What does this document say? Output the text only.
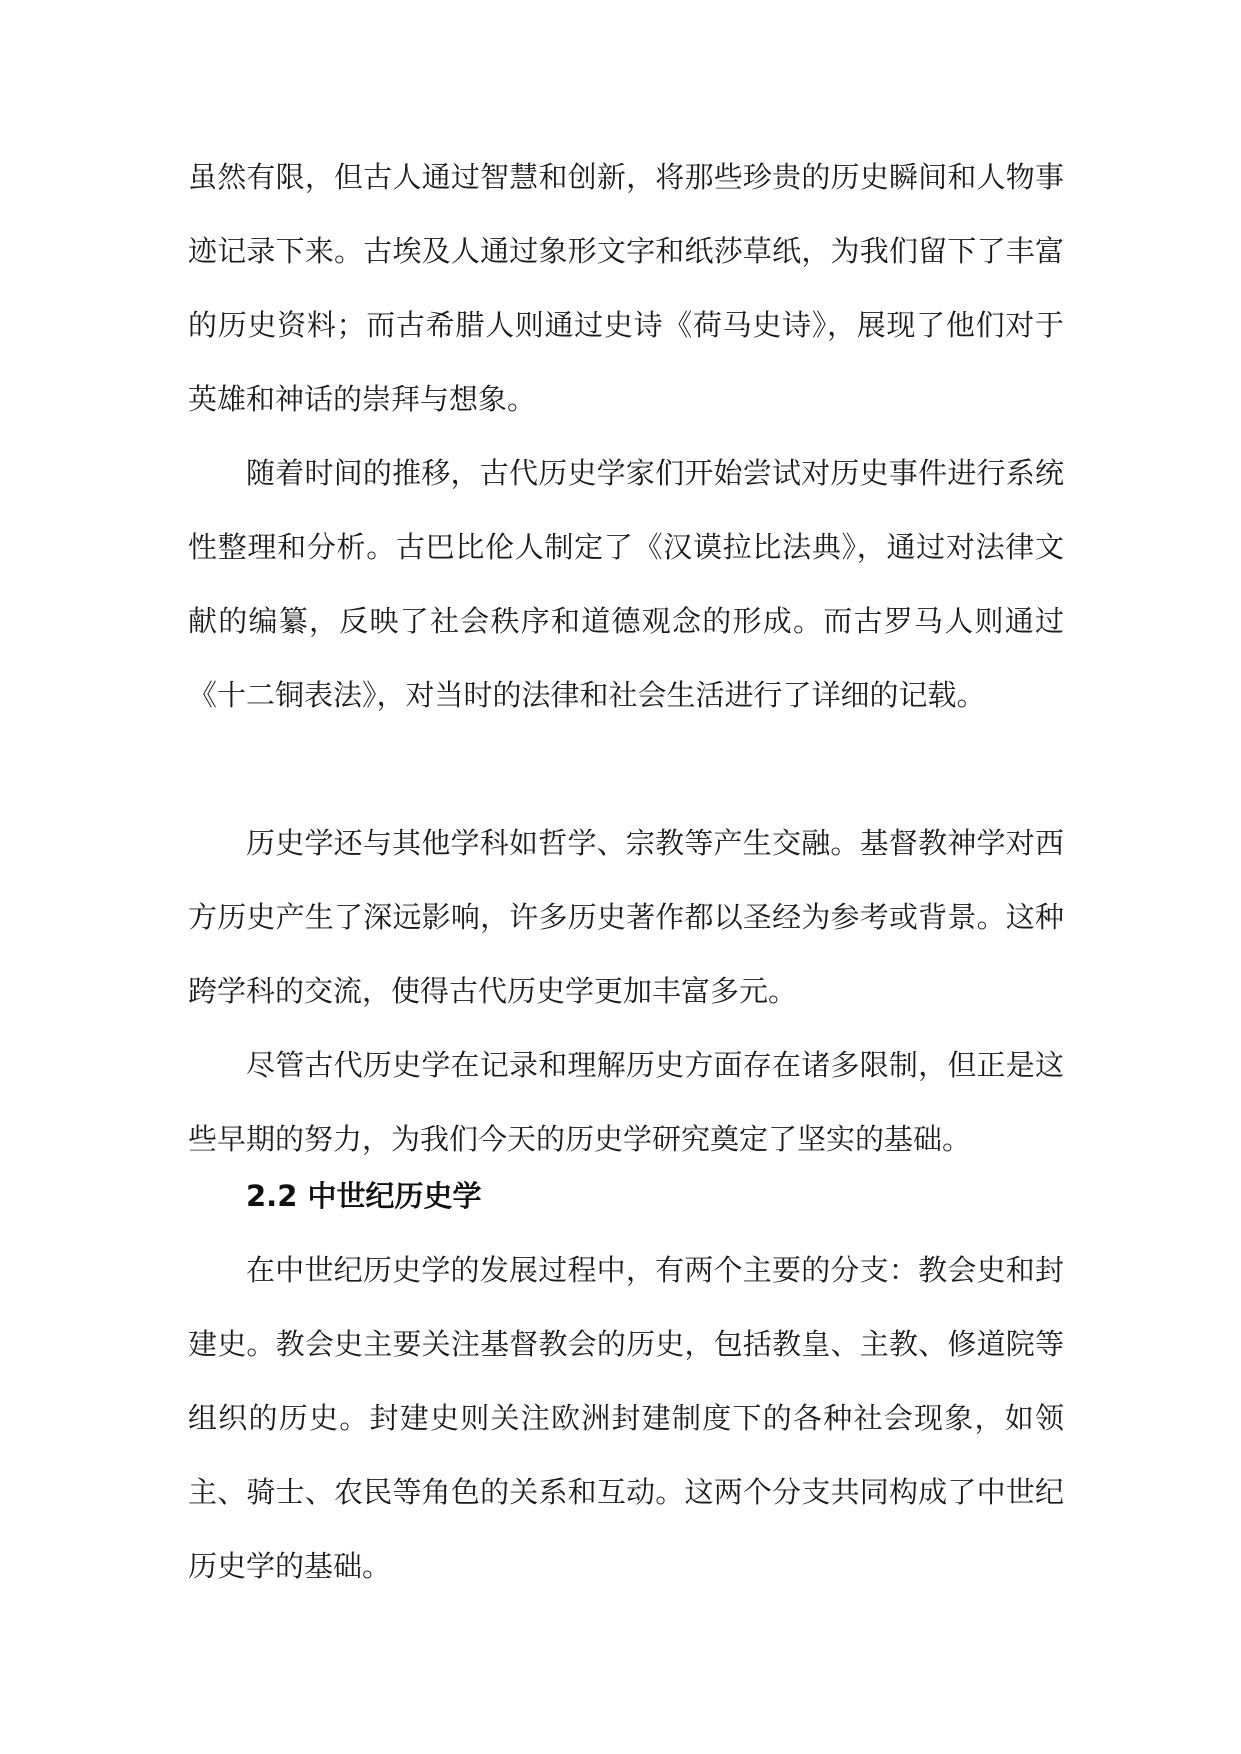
虽然有限，但古人通过智慧和创新，将那些珍贵的历史瞬间和人物事迹记录下来。古埃及人通过象形文字和纸莎草纸，为我们留下了丰富的历史资料；而古希腊人则通过史诗《荷马史诗》，展现了他们对于英雄和神话的崇拜与想象。

随着时间的推移，古代历史学家们开始尝试对历史事件进行系统性整理和分析。古巴比伦人制定了《汉谟拉比法典》，通过对法律文献的编纂，反映了社会秩序和道德观念的形成。而古罗马人则通过《十二铜表法》，对当时的法律和社会生活进行了详细的记载。

历史学还与其他学科如哲学、宗教等产生交融。基督教神学对西方历史产生了深远影响，许多历史著作都以圣经为参考或背景。这种跨学科的交流，使得古代历史学更加丰富多元。

尽管古代历史学在记录和理解历史方面存在诸多限制，但正是这些早期的努力，为我们今天的历史学研究奠定了坚实的基础。

2.2 中世纪历史学

在中世纪历史学的发展过程中，有两个主要的分支：教会史和封建史。教会史主要关注基督教会的历史，包括教皇、主教、修道院等组织的历史。封建史则关注欧洲封建制度下的各种社会现象，如领主、骑士、农民等角色的关系和互动。这两个分支共同构成了中世纪历史学的基础。
